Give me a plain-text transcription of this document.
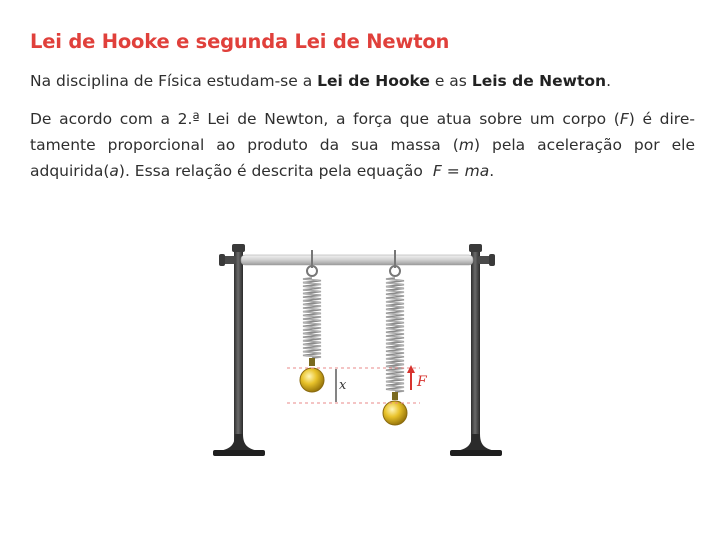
Lei de Hooke e segunda Lei de Newton
Na disciplina de Física estudam-se a Lei de Hooke e as Leis de Newton.
De acordo com a 2.ª Lei de Newton, a força que atua sobre um corpo (F) é dire-
tamente proporcional ao produto da sua massa (m) pela aceleração por ele
adquirida(a). Essa relação é descrita pela equação F = ma.
x	F
